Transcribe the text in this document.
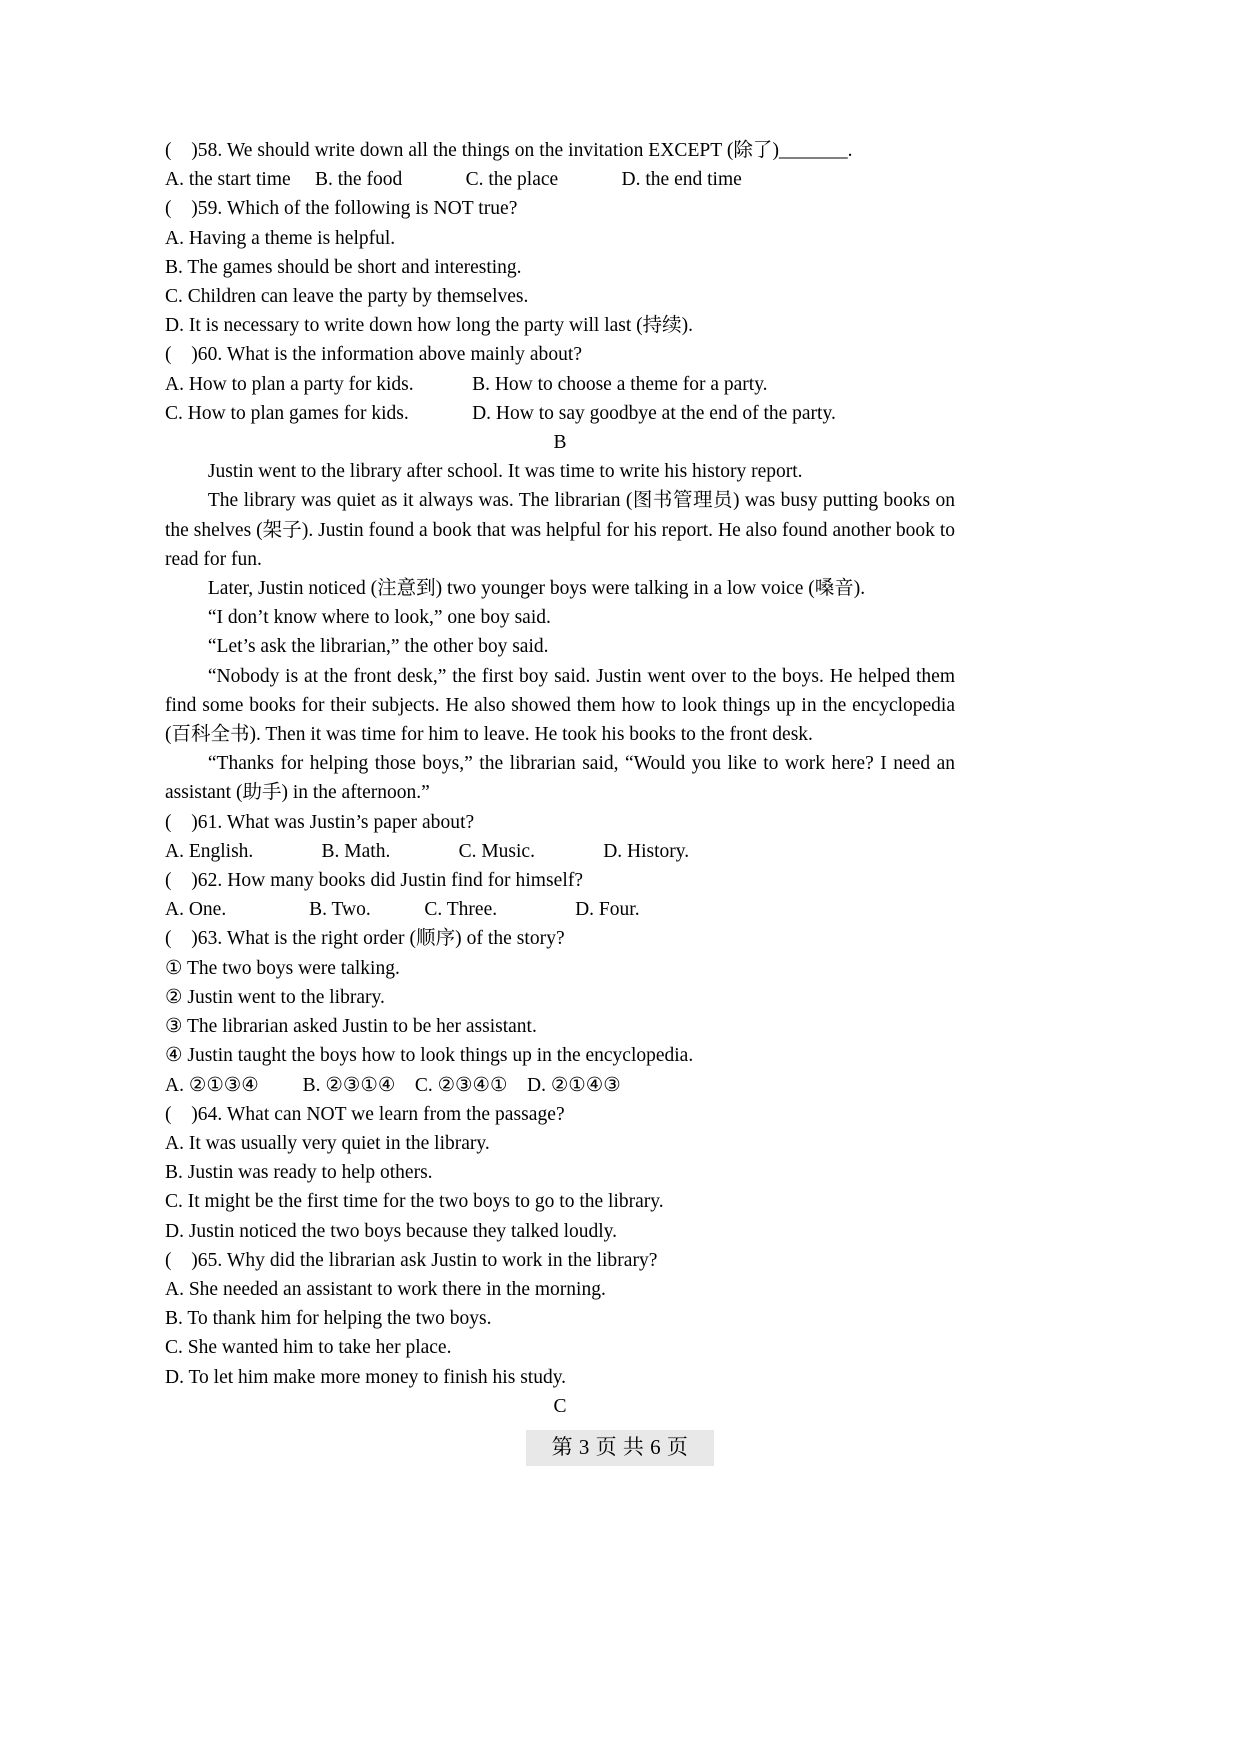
(    )58. We should write down all the things on the invitation EXCEPT (除了)_______.
A. the start time     B. the food             C. the place             D. the end time
(    )59. Which of the following is NOT true?
A. Having a theme is helpful.
B. The games should be short and interesting.
C. Children can leave the party by themselves.
D. It is necessary to write down how long the party will last (持续).
(    )60. What is the information above mainly about?
A. How to plan a party for kids.            B. How to choose a theme for a party.
C. How to plan games for kids.             D. How to say goodbye at the end of the party.
B

Justin went to the library after school. It was time to write his history report.

The library was quiet as it always was. The librarian (图书管理员) was busy putting books on the shelves (架子). Justin found a book that was helpful for his report. He also found another book to read for fun.

Later, Justin noticed (注意到) two younger boys were talking in a low voice (嗓音).

“I don’t know where to look,” one boy said.

“Let’s ask the librarian,” the other boy said.

“Nobody is at the front desk,” the first boy said. Justin went over to the boys. He helped them find some books for their subjects. He also showed them how to look things up in the encyclopedia (百科全书). Then it was time for him to leave. He took his books to the front desk.

“Thanks for helping those boys,” the librarian said, “Would you like to work here? I need an assistant (助手) in the afternoon.”

(    )61. What was Justin’s paper about?
A. English.              B. Math.              C. Music.              D. History.
(    )62. How many books did Justin find for himself?
A. One.                 B. Two.           C. Three.                D. Four.
(    )63. What is the right order (顺序) of the story?
① The two boys were talking.
② Justin went to the library.
③ The librarian asked Justin to be her assistant.
④ Justin taught the boys how to look things up in the encyclopedia.
A. ②①③④         B. ②③①④    C. ②③④①    D. ②①④③
(    )64. What can NOT we learn from the passage?
A. It was usually very quiet in the library.
B. Justin was ready to help others.
C. It might be the first time for the two boys to go to the library.
D. Justin noticed the two boys because they talked loudly.
(    )65. Why did the librarian ask Justin to work in the library?
A. She needed an assistant to work there in the morning.
B. To thank him for helping the two boys.
C. She wanted him to take her place.
D. To let him make more money to finish his study.
C
第 3 页 共 6 页
